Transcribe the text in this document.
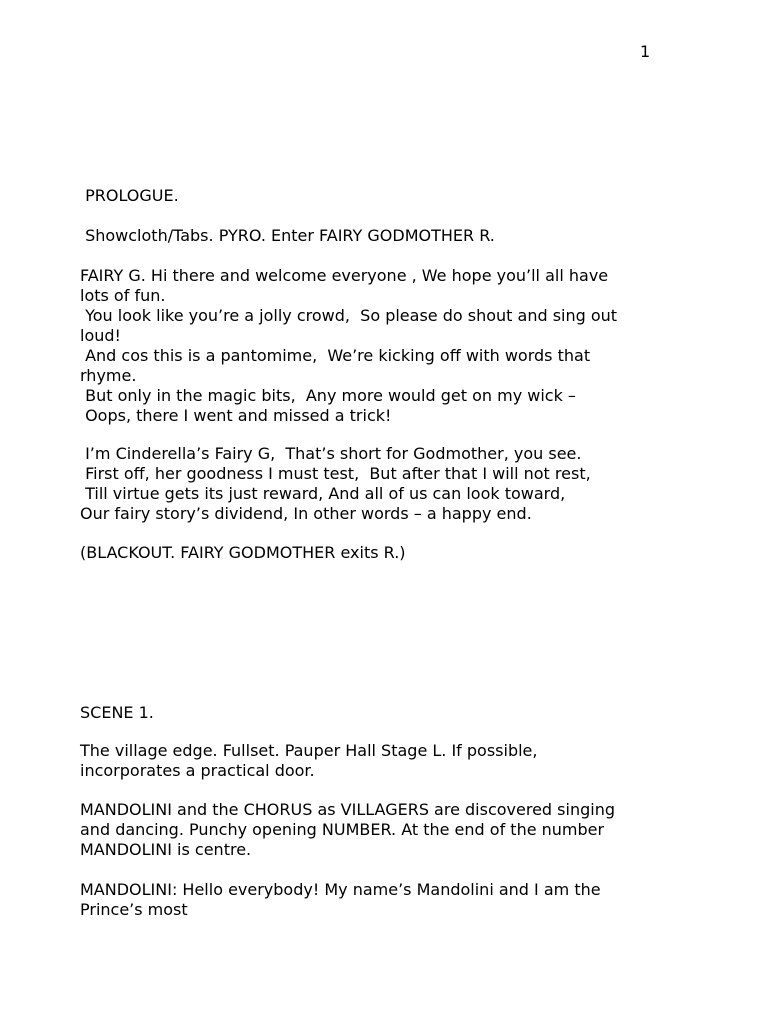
1
PROLOGUE.
Showcloth/Tabs. PYRO. Enter FAIRY GODMOTHER R.
FAIRY G. Hi there and welcome everyone , We hope you’ll all have
lots of fun.
You look like you’re a jolly crowd,  So please do shout and sing out
loud!
And cos this is a pantomime,  We’re kicking off with words that
rhyme.
But only in the magic bits,  Any more would get on my wick –
Oops, there I went and missed a trick!
I’m Cinderella’s Fairy G,  That’s short for Godmother, you see.
First off, her goodness I must test,  But after that I will not rest,
Till virtue gets its just reward, And all of us can look toward,
Our fairy story’s dividend, In other words – a happy end.
(BLACKOUT. FAIRY GODMOTHER exits R.)
SCENE 1.
The village edge. Fullset. Pauper Hall Stage L. If possible,
incorporates a practical door.
MANDOLINI and the CHORUS as VILLAGERS are discovered singing
and dancing. Punchy opening NUMBER. At the end of the number
MANDOLINI is centre.
MANDOLINI: Hello everybody! My name’s Mandolini and I am the
Prince’s most
